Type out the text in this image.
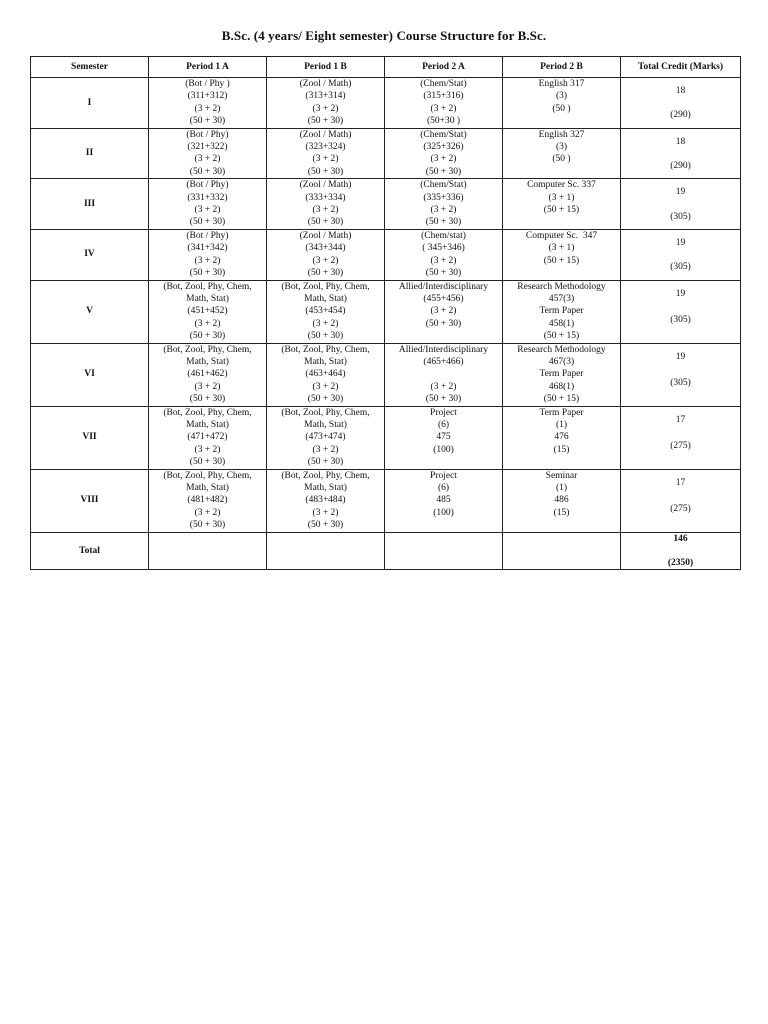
B.Sc. (4 years/ Eight semester) Course Structure for B.Sc.
Semester	Period 1 A	Period 1 B	Period 2 A	Period 2 B	Total Credit (Marks)
I	(Bot / Phy )
(311+312)
(3 + 2)
(50 + 30)	(Zool / Math)
(313+314)
(3 + 2)
(50 + 30)	(Chem/Stat)
(315+316)
(3 + 2)
(50+30 )	English 317
(3)
(50 )	18
(290)

II	(Bot / Phy)
(321+322)
(3 + 2)
(50 + 30)	(Zool / Math)
(323+324)
(3 + 2)
(50 + 30)	(Chem/Stat)
(325+326)
(3 + 2)
(50 + 30)	English 327
(3)
(50 )	18
(290)

III	(Bot / Phy)
(331+332)
(3 + 2)
(50 + 30)	(Zool / Math)
(333+334)
(3 + 2)
(50 + 30)	(Chem/Stat)
(335+336)
(3 + 2)
(50 + 30)	Computer Sc. 337
(3 + 1)
(50 + 15)	19
(305)

IV	(Bot / Phy)
(341+342)
(3 + 2)
(50 + 30)	(Zool / Math)
(343+344)
(3 + 2)
(50 + 30)	(Chem/stat)
( 345+346)
(3 + 2)
(50 + 30)	Computer Sc.  347
(3 + 1)
(50 + 15)	19
(305)

V	(Bot, Zool, Phy, Chem,
Math, Stat)
(451+452)
(3 + 2)
(50 + 30)	(Bot, Zool, Phy, Chem,
Math, Stat)
(453+454)
(3 + 2)
(50 + 30)	Allied/Interdisciplinary
(455+456)
(3 + 2)
(50 + 30)	Research Methodology
457(3)
Term Paper
458(1)
(50 + 15)	19
(305)

VI	(Bot, Zool, Phy, Chem,
Math, Stat)
(461+462)
(3 + 2)
(50 + 30)	(Bot, Zool, Phy, Chem,
Math, Stat)
(463+464)
(3 + 2)
(50 + 30)	Allied/Interdisciplinary
(465+466)
(3 + 2)
(50 + 30)	Research Methodology
467(3)
Term Paper
468(1)
(50 + 15)	19
(305)

VII	(Bot, Zool, Phy, Chem,
Math, Stat)
(471+472)
(3 + 2)
(50 + 30)	(Bot, Zool, Phy, Chem,
Math, Stat)
(473+474)
(3 + 2)
(50 + 30)	Project
(6)
475
(100)	Term Paper
(1)
476
(15)	17
(275)

VIII	(Bot, Zool, Phy, Chem,
Math, Stat)
(481+482)
(3 + 2)
(50 + 30)	(Bot, Zool, Phy, Chem,
Math, Stat)
(483+484)
(3 + 2)
(50 + 30)	Project
(6)
485
(100)	Seminar
(1)
486
(15)	17
(275)

Total					146
(2350)
